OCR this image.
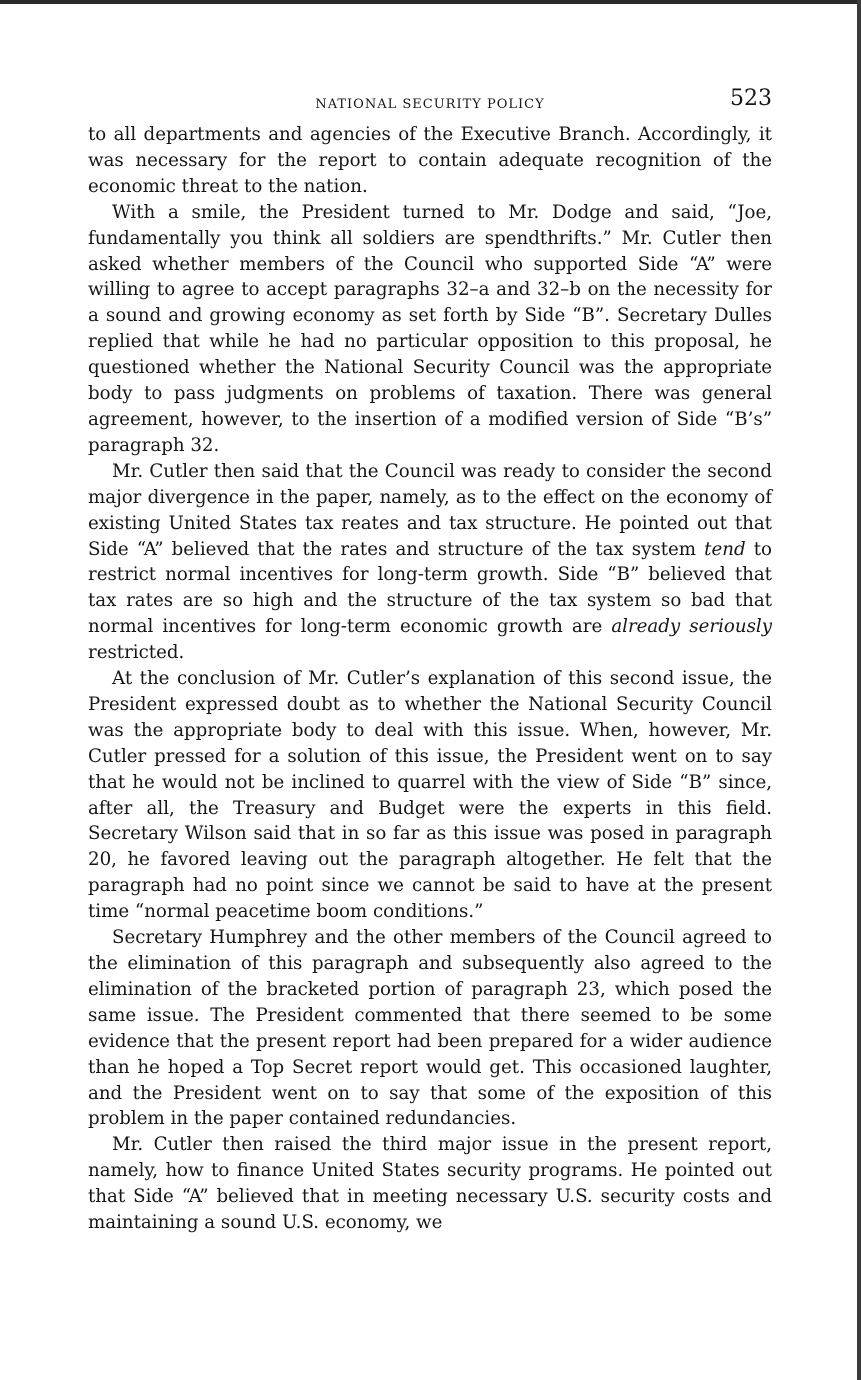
NATIONAL SECURITY POLICY	523

to all departments and agencies of the Executive Branch. Accordingly, it was necessary for the report to contain adequate recognition of the economic threat to the nation.

With a smile, the President turned to Mr. Dodge and said, “Joe, fundamentally you think all soldiers are spendthrifts.” Mr. Cutler then asked whether members of the Council who supported Side “A” were willing to agree to accept paragraphs 32–a and 32–b on the necessity for a sound and growing economy as set forth by Side “B”. Secretary Dulles replied that while he had no particular opposition to this proposal, he questioned whether the National Security Council was the appropriate body to pass judgments on problems of taxation. There was general agreement, however, to the insertion of a modified version of Side “B’s” paragraph 32.

Mr. Cutler then said that the Council was ready to consider the second major divergence in the paper, namely, as to the effect on the economy of existing United States tax reates and tax structure. He pointed out that Side “A” believed that the rates and structure of the tax system tend to restrict normal incentives for long-term growth. Side “B” believed that tax rates are so high and the structure of the tax system so bad that normal incentives for long-term economic growth are already seriously restricted.

At the conclusion of Mr. Cutler’s explanation of this second issue, the President expressed doubt as to whether the National Security Council was the appropriate body to deal with this issue. When, however, Mr. Cutler pressed for a solution of this issue, the President went on to say that he would not be inclined to quarrel with the view of Side “B” since, after all, the Treasury and Budget were the experts in this field. Secretary Wilson said that in so far as this issue was posed in paragraph 20, he favored leaving out the paragraph altogether. He felt that the paragraph had no point since we cannot be said to have at the present time “normal peacetime boom conditions.”

Secretary Humphrey and the other members of the Council agreed to the elimination of this paragraph and subsequently also agreed to the elimination of the bracketed portion of paragraph 23, which posed the same issue. The President commented that there seemed to be some evidence that the present report had been prepared for a wider audience than he hoped a Top Secret report would get. This occasioned laughter, and the President went on to say that some of the exposition of this problem in the paper contained redundancies.

Mr. Cutler then raised the third major issue in the present report, namely, how to finance United States security programs. He pointed out that Side “A” believed that in meeting necessary U.S. security costs and maintaining a sound U.S. economy, we
